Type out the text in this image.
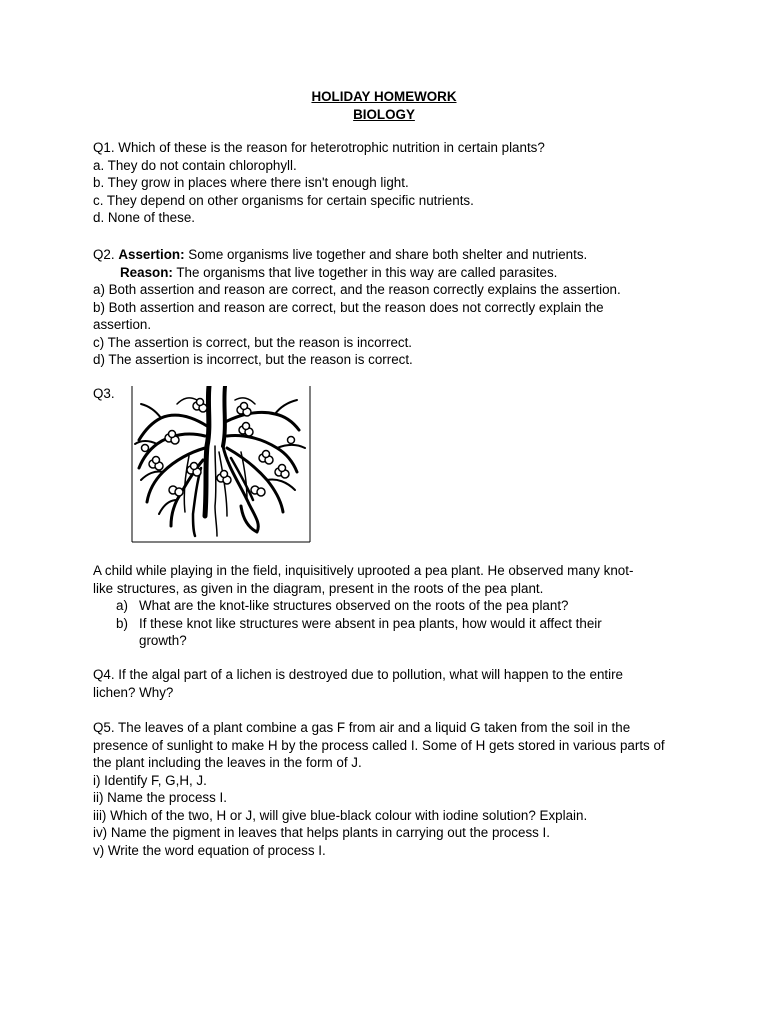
HOLIDAY HOMEWORK
BIOLOGY
Q1. Which of these is the reason for heterotrophic nutrition in certain plants?
a. They do not contain chlorophyll.
b. They grow in places where there isn't enough light.
c. They depend on other organisms for certain specific nutrients.
d. None of these.
Q2. Assertion: Some organisms live together and share both shelter and nutrients.
Reason: The organisms that live together in this way are called parasites.
a) Both assertion and reason are correct, and the reason correctly explains the assertion.
b) Both assertion and reason are correct, but the reason does not correctly explain the assertion.
c) The assertion is correct, but the reason is incorrect.
d) The assertion is incorrect, but the reason is correct.
Q3.
A child while playing in the field, inquisitively uprooted a pea plant. He observed many knot-like structures, as given in the diagram, present in the roots of the pea plant.
a) What are the knot-like structures observed on the roots of the pea plant?
b) If these knot like structures were absent in pea plants, how would it affect their growth?
Q4. If the algal part of a lichen is destroyed due to pollution, what will happen to the entire lichen? Why?
Q5. The leaves of a plant combine a gas F from air and a liquid G taken from the soil in the presence of sunlight to make H by the process called I. Some of H gets stored in various parts of the plant including the leaves in the form of J.
i) Identify F, G,H, J.
ii) Name the process I.
iii) Which of the two, H or J, will give blue-black colour with iodine solution? Explain.
iv) Name the pigment in leaves that helps plants in carrying out the process I.
v) Write the word equation of process I.
